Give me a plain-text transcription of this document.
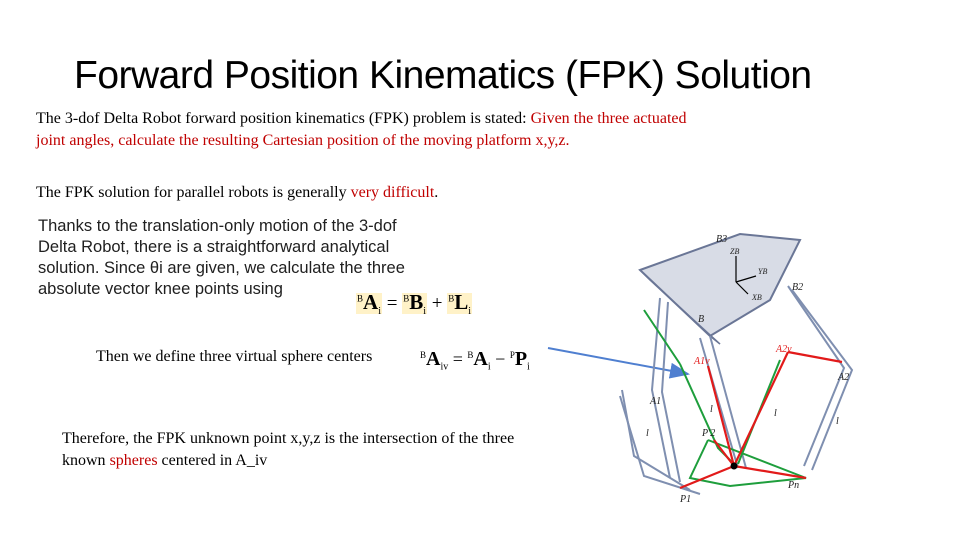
Forward Position Kinematics (FPK) Solution
The 3-dof Delta Robot forward position kinematics (FPK) problem is stated: Given the three actuated joint angles, calculate the resulting Cartesian position of the moving platform x,y,z.
The FPK solution for parallel robots is generally very difficult.
Thanks to the translation-only motion of the 3-dof Delta Robot, there is a straightforward analytical solution. Since θi are given, we calculate the three absolute vector knee points using
$^BA_i = ^BB_i + ^BL_i$
Then we define three virtual sphere centers	$^BA_{iv} = ^BA_i - ^PP_i$
Therefore, the FPK unknown point x,y,z is the intersection of the three known spheres centered in A_iv
B3
ZB
YB
XB
B2
B
A1v
A2v
A2
A1
l	l
l
l	P'2
P1
Pn
